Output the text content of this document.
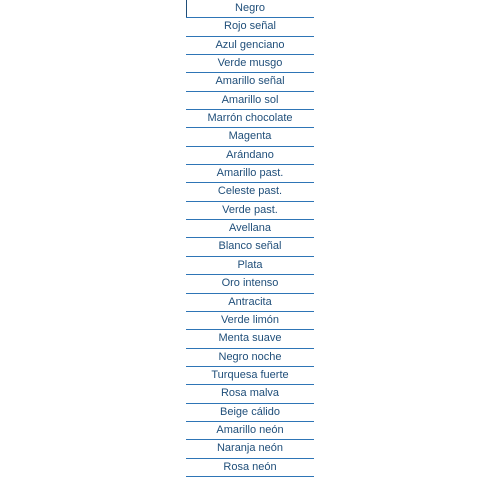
Negro
Rojo señal
Azul genciano
Verde musgo
Amarillo señal
Amarillo sol
Marrón chocolate
Magenta
Arándano
Amarillo past.
Celeste past.
Verde past.
Avellana
Blanco señal
Plata
Oro intenso
Antracita
Verde limón
Menta suave
Negro noche
Turquesa fuerte
Rosa malva
Beige cálido
Amarillo neón
Naranja neón
Rosa neón
